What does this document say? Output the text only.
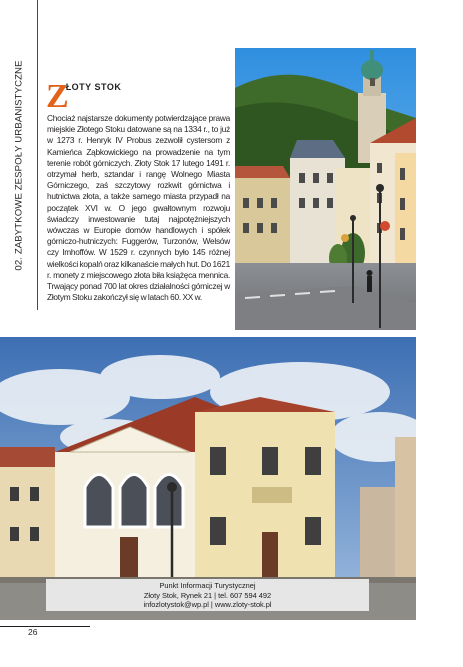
02. ZABYTKOWE ZESPOŁY URBANISTYCZNE Z
ŁOTY STOK
Chociaż najstarsze dokumenty potwierdzające prawa miejskie Złotego Stoku datowane są na 1334 r., to już w 1273 r. Henryk IV Probus zezwolił cystersom z Kamieńca Ząbkowickiego na prowadzenie na tym terenie robót górniczych. Złoty Stok 17 lutego 1491 r. otrzymał herb, sztandar i rangę Wolnego Miasta Górniczego, zaś szczytowy rozkwit górnictwa i hutnictwa złota, a także samego miasta przypadł na początek XVI w. O jego gwałtownym rozwoju świadczy inwestowanie tutaj najpotężniejszych wówczas w Europie domów handlowych i spółek górniczo-hutniczych: Fuggerów, Turzonów, Welsów czy Imhoffów. W 1529 r. czynnych było 145 różnej wielkości kopalń oraz kilkanaście małych hut. Do 1621 r. monety z miejscowego złota biła książęca mennica. Trwający ponad 700 lat okres działalności górniczej w Złotym Stoku zakończył się w latach 60. XX w.
Punkt Informacji Turystycznej
Złoty Stok, Rynek 21 | tel. 607 594 492
infozlotystok@wp.pl | www.zloty-stok.pl
26
